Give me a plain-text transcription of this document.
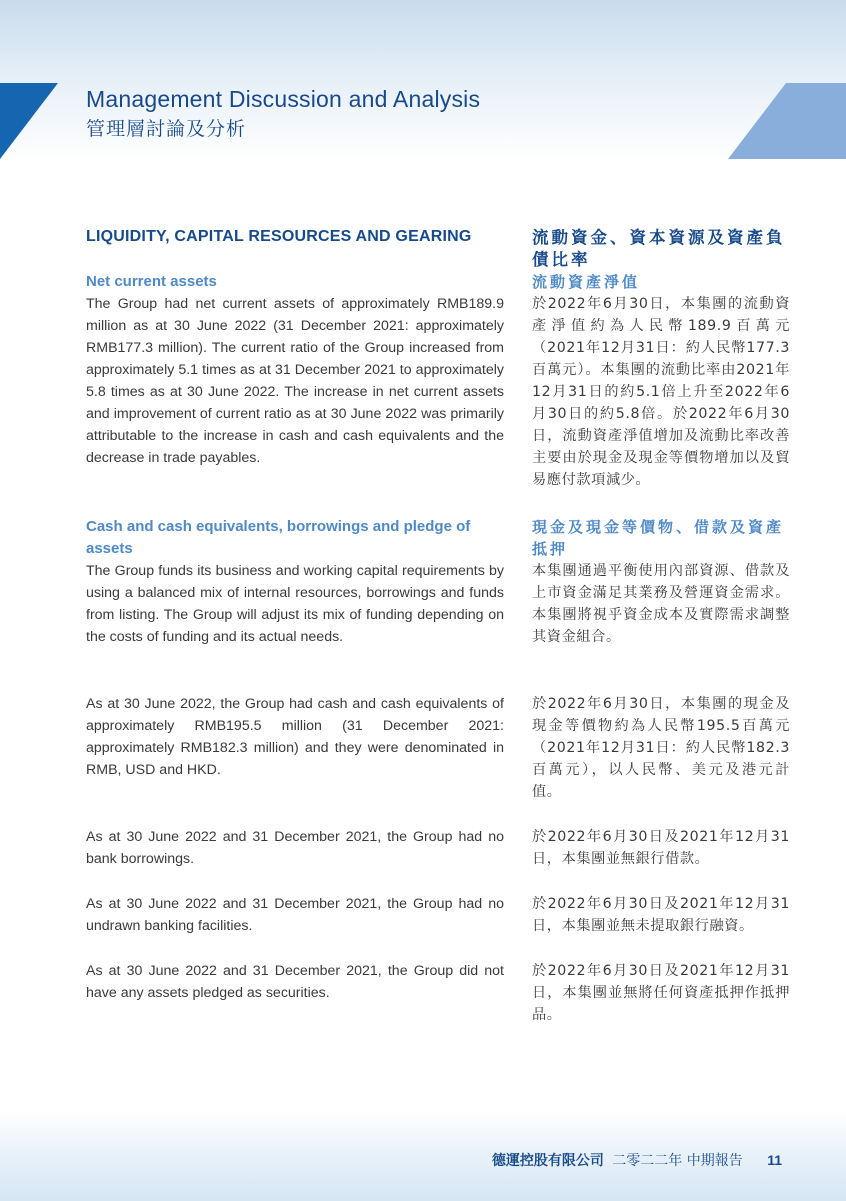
Management Discussion and Analysis
管理層討論及分析
LIQUIDITY, CAPITAL RESOURCES AND GEARING	流動資金、資本資源及資產負債比率
Net current assets	流動資產淨值
The Group had net current assets of approximately RMB189.9 million as at 30 June 2022 (31 December 2021: approximately RMB177.3 million). The current ratio of the Group increased from approximately 5.1 times as at 31 December 2021 to approximately 5.8 times as at 30 June 2022. The increase in net current assets and improvement of current ratio as at 30 June 2022 was primarily attributable to the increase in cash and cash equivalents and the decrease in trade payables.
於2022年6月30日，本集團的流動資產淨值約為人民幣189.9百萬元（2021年12月31日：約人民幣177.3百萬元）。本集團的流動比率由2021年12月31日的約5.1倍上升至2022年6月30日的約5.8倍。於2022年6月30日，流動資產淨值增加及流動比率改善主要由於現金及現金等價物增加以及貿易應付款項減少。
Cash and cash equivalents, borrowings and pledge of assets
現金及現金等價物、借款及資產抵押
The Group funds its business and working capital requirements by using a balanced mix of internal resources, borrowings and funds from listing. The Group will adjust its mix of funding depending on the costs of funding and its actual needs.
本集團通過平衡使用內部資源、借款及上市資金滿足其業務及營運資金需求。本集團將視乎資金成本及實際需求調整其資金組合。
As at 30 June 2022, the Group had cash and cash equivalents of approximately RMB195.5 million (31 December 2021: approximately RMB182.3 million) and they were denominated in RMB, USD and HKD.
於2022年6月30日，本集團的現金及現金等價物約為人民幣195.5百萬元（2021年12月31日：約人民幣182.3百萬元），以人民幣、美元及港元計值。
As at 30 June 2022 and 31 December 2021, the Group had no bank borrowings.
於2022年6月30日及2021年12月31日，本集團並無銀行借款。
As at 30 June 2022 and 31 December 2021, the Group had no undrawn banking facilities.
於2022年6月30日及2021年12月31日，本集團並無未提取銀行融資。
As at 30 June 2022 and 31 December 2021, the Group did not have any assets pledged as securities.
於2022年6月30日及2021年12月31日，本集團並無將任何資產抵押作抵押品。
德運控股有限公司 二零二二年 中期報告 11
